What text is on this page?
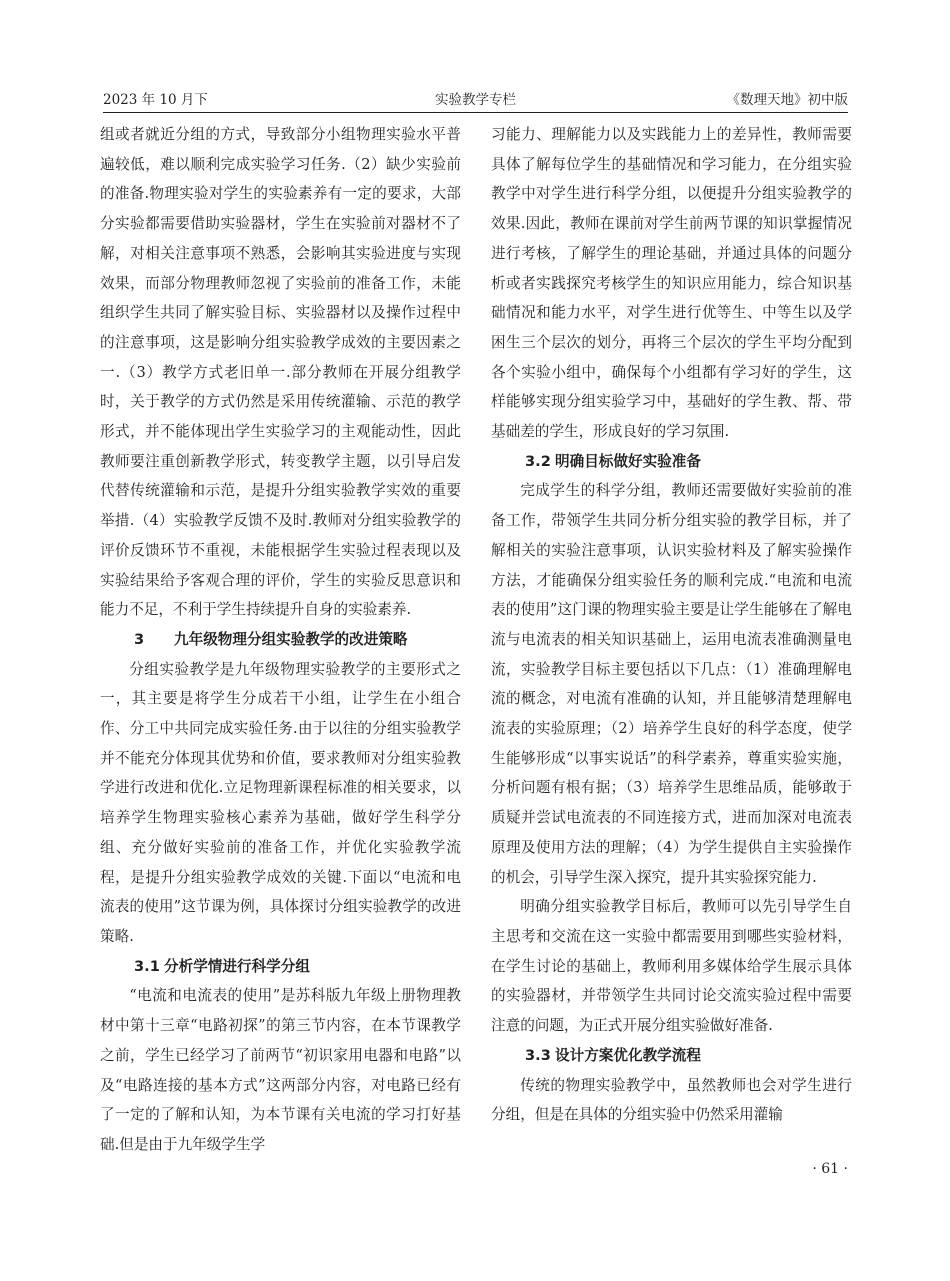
2023 年 10 月下	实验教学专栏	《数理天地》初中版

组或者就近分组的方式，导致部分小组物理实验水平普遍较低，难以顺利完成实验学习任务.（2）缺少实验前的准备.物理实验对学生的实验素养有一定的要求，大部分实验都需要借助实验器材，学生在实验前对器材不了解，对相关注意事项不熟悉，会影响其实验进度与实现效果，而部分物理教师忽视了实验前的准备工作，未能组织学生共同了解实验目标、实验器材以及操作过程中的注意事项，这是影响分组实验教学成效的主要因素之一.（3）教学方式老旧单一.部分教师在开展分组教学时，关于教学的方式仍然是采用传统灌输、示范的教学形式，并不能体现出学生实验学习的主观能动性，因此教师要注重创新教学形式，转变教学主题，以引导启发代替传统灌输和示范，是提升分组实验教学实效的重要举措.（4）实验教学反馈不及时.教师对分组实验教学的评价反馈环节不重视，未能根据学生实验过程表现以及实验结果给予客观合理的评价，学生的实验反思意识和能力不足，不利于学生持续提升自身的实验素养.

3 九年级物理分组实验教学的改进策略

分组实验教学是九年级物理实验教学的主要形式之一，其主要是将学生分成若干小组，让学生在小组合作、分工中共同完成实验任务.由于以往的分组实验教学并不能充分体现其优势和价值，要求教师对分组实验教学进行改进和优化.立足物理新课程标准的相关要求，以培养学生物理实验核心素养为基础，做好学生科学分组、充分做好实验前的准备工作，并优化实验教学流程，是提升分组实验教学成效的关键.下面以“电流和电流表的使用”这节课为例，具体探讨分组实验教学的改进策略.

3.1 分析学情进行科学分组

“电流和电流表的使用”是苏科版九年级上册物理教材中第十三章“电路初探”的第三节内容，在本节课教学之前，学生已经学习了前两节“初识家用电器和电路”以及“电路连接的基本方式”这两部分内容，对电路已经有了一定的了解和认知，为本节课有关电流的学习打好基础.但是由于九年级学生学

习能力、理解能力以及实践能力上的差异性，教师需要具体了解每位学生的基础情况和学习能力，在分组实验教学中对学生进行科学分组，以便提升分组实验教学的效果.因此，教师在课前对学生前两节课的知识掌握情况进行考核，了解学生的理论基础，并通过具体的问题分析或者实践探究考核学生的知识应用能力，综合知识基础情况和能力水平，对学生进行优等生、中等生以及学困生三个层次的划分，再将三个层次的学生平均分配到各个实验小组中，确保每个小组都有学习好的学生，这样能够实现分组实验学习中，基础好的学生教、帮、带基础差的学生，形成良好的学习氛围.

3.2 明确目标做好实验准备

完成学生的科学分组，教师还需要做好实验前的准备工作，带领学生共同分析分组实验的教学目标，并了解相关的实验注意事项，认识实验材料及了解实验操作方法，才能确保分组实验任务的顺利完成.“电流和电流表的使用”这门课的物理实验主要是让学生能够在了解电流与电流表的相关知识基础上，运用电流表准确测量电流，实验教学目标主要包括以下几点：（1）准确理解电流的概念，对电流有准确的认知，并且能够清楚理解电流表的实验原理；（2）培养学生良好的科学态度，使学生能够形成“以事实说话”的科学素养，尊重实验实施，分析问题有根有据；（3）培养学生思维品质，能够敢于质疑并尝试电流表的不同连接方式，进而加深对电流表原理及使用方法的理解；（4）为学生提供自主实验操作的机会，引导学生深入探究，提升其实验探究能力.

明确分组实验教学目标后，教师可以先引导学生自主思考和交流在这一实验中都需要用到哪些实验材料，在学生讨论的基础上，教师利用多媒体给学生展示具体的实验器材，并带领学生共同讨论交流实验过程中需要注意的问题，为正式开展分组实验做好准备.

3.3 设计方案优化教学流程

传统的物理实验教学中，虽然教师也会对学生进行分组，但是在具体的分组实验中仍然采用灌输

· 61 ·
